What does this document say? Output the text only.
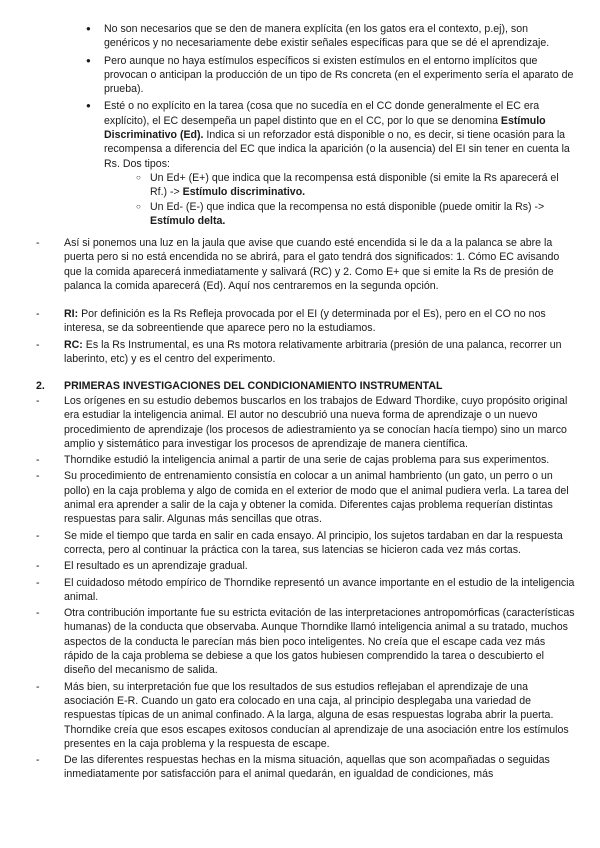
● No son necesarios que se den de manera explícita (en los gatos era el contexto, p.ej), son genéricos y no necesariamente debe existir señales específicas para que se dé el aprendizaje.
● Pero aunque no haya estímulos específicos si existen estímulos en el entorno implícitos que provocan o anticipan la producción de un tipo de Rs concreta (en el experimento sería el aparato de prueba).
● Esté o no explícito en la tarea (cosa que no sucedía en el CC donde generalmente el EC era explícito), el EC desempeña un papel distinto que en el CC, por lo que se denomina Estímulo Discriminativo (Ed). Indica si un reforzador está disponible o no, es decir, si tiene ocasión para la recompensa a diferencia del EC que indica la aparición (o la ausencia) del EI sin tener en cuenta la Rs. Dos tipos:
○ Un Ed+ (E+) que indica que la recompensa está disponible (si emite la Rs aparecerá el Rf.) -> Estímulo discriminativo.
○ Un Ed- (E-) que indica que la recompensa no está disponible (puede omitir la Rs) -> Estímulo delta.
- Así si ponemos una luz en la jaula que avise que cuando esté encendida si le da a la palanca se abre la puerta pero si no está encendida no se abrirá, para el gato tendrá dos significados: 1. Cómo EC avisando que la comida aparecerá inmediatamente y salivará (RC) y 2. Como E+ que si emite la Rs de presión de palanca la comida aparecerá (Ed). Aquí nos centraremos en la segunda opción.
- RI: Por definición es la Rs Refleja provocada por el EI (y determinada por el Es), pero en el CO no nos interesa, se da sobreentiende que aparece pero no la estudiamos.
- RC: Es la Rs Instrumental, es una Rs motora relativamente arbitraria (presión de una palanca, recorrer un laberinto, etc) y es el centro del experimento.
2. PRIMERAS INVESTIGACIONES DEL CONDICIONAMIENTO INSTRUMENTAL
- Los orígenes en su estudio debemos buscarlos en los trabajos de Edward Thordike, cuyo propósito original era estudiar la inteligencia animal. El autor no descubrió una nueva forma de aprendizaje o un nuevo procedimiento de aprendizaje (los procesos de adiestramiento ya se conocían hacía tiempo) sino un marco amplio y sistemático para investigar los procesos de aprendizaje de manera científica.
- Thorndike estudió la inteligencia animal a partir de una serie de cajas problema para sus experimentos.
- Su procedimiento de entrenamiento consistía en colocar a un animal hambriento (un gato, un perro o un pollo) en la caja problema y algo de comida en el exterior de modo que el animal pudiera verla. La tarea del animal era aprender a salir de la caja y obtener la comida. Diferentes cajas problema requerían distintas respuestas para salir. Algunas más sencillas que otras.
- Se mide el tiempo que tarda en salir en cada ensayo. Al principio, los sujetos tardaban en dar la respuesta correcta, pero al continuar la práctica con la tarea, sus latencias se hicieron cada vez más cortas.
- El resultado es un aprendizaje gradual.
- El cuidadoso método empírico de Thorndike representó un avance importante en el estudio de la inteligencia animal.
- Otra contribución importante fue su estricta evitación de las interpretaciones antropomórficas (características humanas) de la conducta que observaba. Aunque Thorndike llamó inteligencia animal a su tratado, muchos aspectos de la conducta le parecían más bien poco inteligentes. No creía que el escape cada vez más rápido de la caja problema se debiese a que los gatos hubiesen comprendido la tarea o descubierto el diseño del mecanismo de salida.
- Más bien, su interpretación fue que los resultados de sus estudios reflejaban el aprendizaje de una asociación E-R. Cuando un gato era colocado en una caja, al principio desplegaba una variedad de respuestas típicas de un animal confinado. A la larga, alguna de esas respuestas lograba abrir la puerta. Thorndike creía que esos escapes exitosos conducían al aprendizaje de una asociación entre los estímulos presentes en la caja problema y la respuesta de escape.
- De las diferentes respuestas hechas en la misma situación, aquellas que son acompañadas o seguidas inmediatamente por satisfacción para el animal quedarán, en igualdad de condiciones, más
